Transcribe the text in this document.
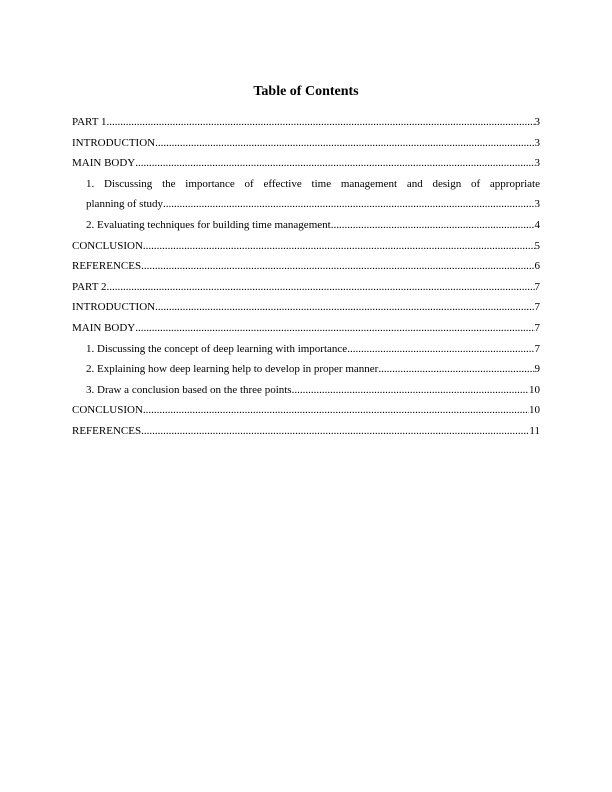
Table of Contents
PART 1 .....	3
INTRODUCTION .....	3
MAIN BODY .....	3
1. Discussing the importance of effective time management and design of appropriate
planning of study .....	3
2. Evaluating techniques for building time management .....	4
CONCLUSION .....	5
REFERENCES .....	6
PART 2 .....	7
INTRODUCTION .....	7
MAIN BODY .....	7
1. Discussing the concept of deep learning with importance .....	7
2. Explaining how deep learning help to develop in proper manner .....	9
3. Draw a conclusion based on the three points .....	10
CONCLUSION .....	10
REFERENCES .....	11
